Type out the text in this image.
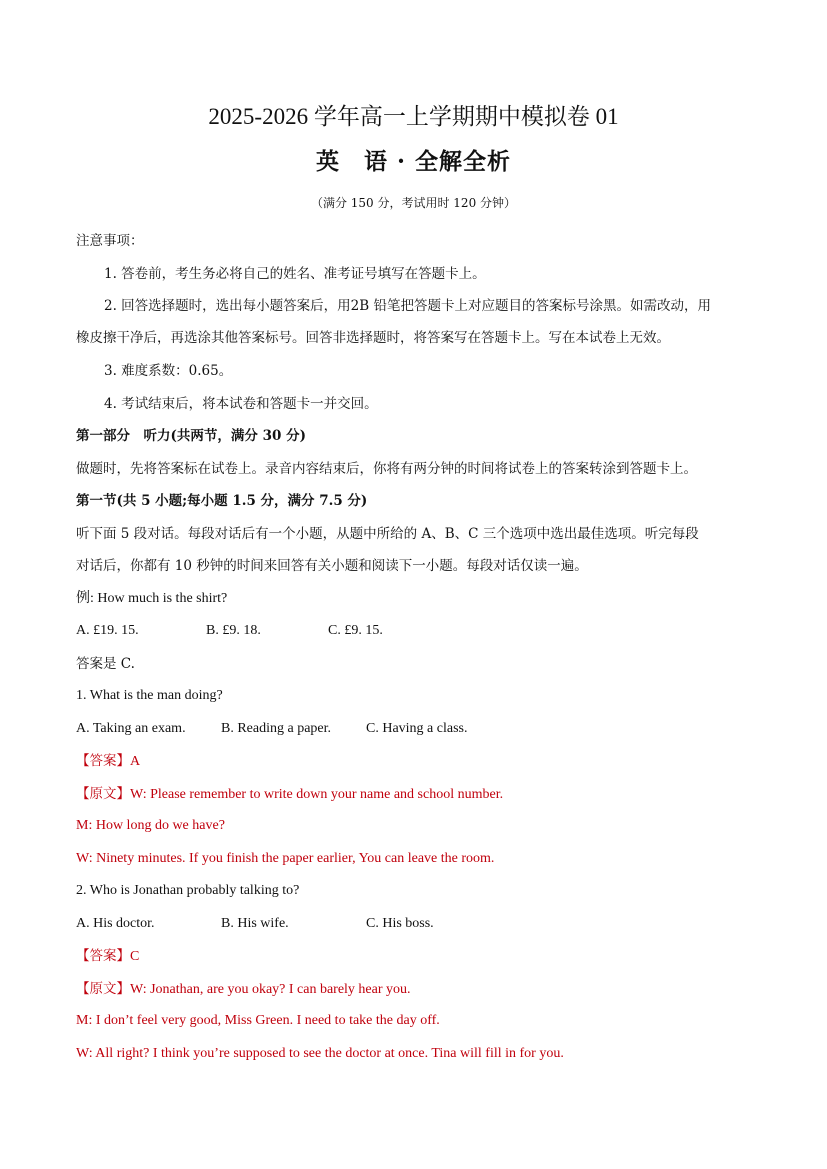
2025-2026 学年高一上学期期中模拟卷 01
英　语 · 全解全析
（满分 150 分，考试用时 120 分钟）
注意事项：
1. 答卷前，考生务必将自己的姓名、准考证号填写在答题卡上。
2. 回答选择题时，选出每小题答案后，用2B 铅笔把答题卡上对应题目的答案标号涂黑。如需改动，用
橡皮擦干净后，再选涂其他答案标号。回答非选择题时，将答案写在答题卡上。写在本试卷上无效。
3. 难度系数：0.65。
4. 考试结束后，将本试卷和答题卡一并交回。
第一部分　听力(共两节，满分 30 分)
做题时，先将答案标在试卷上。录音内容结束后，你将有两分钟的时间将试卷上的答案转涂到答题卡上。
第一节(共 5 小题;每小题 1.5 分，满分 7.5 分)
听下面 5 段对话。每段对话后有一个小题，从题中所给的 A、B、C 三个选项中选出最佳选项。听完每段
对话后，你都有 10 秒钟的时间来回答有关小题和阅读下一小题。每段对话仅读一遍。
例: How much is the shirt?
A. £19. 15.	B. £9. 18.	C. £9. 15.
答案是 C.
1. What is the man doing?
A. Taking an exam.	B. Reading a paper. C. Having a class.
【答案】A
【原文】W: Please remember to write down your name and school number.
M: How long do we have?
W: Ninety minutes. If you finish the paper earlier, You can leave the room.
2. Who is Jonathan probably talking to?
A. His doctor.	B. His wife.	C. His boss.
【答案】C
【原文】W: Jonathan, are you okay? I can barely hear you.
M: I don’t feel very good, Miss Green. I need to take the day off.
W: All right? I think you’re supposed to see the doctor at once. Tina will fill in for you.
